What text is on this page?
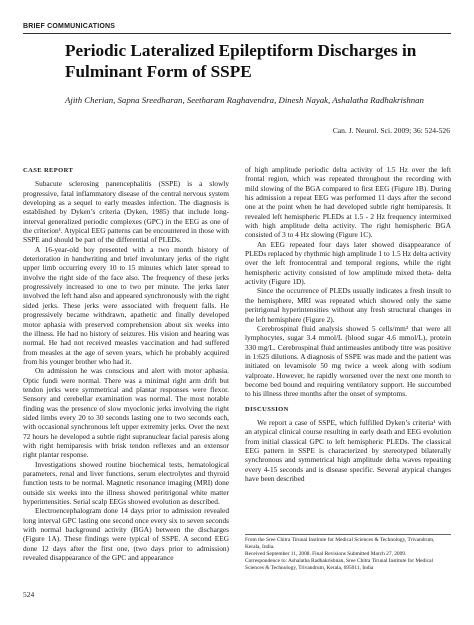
BRIEF COMMUNICATIONS
Periodic Lateralized Epileptiform Discharges in Fulminant Form of SSPE
Ajith Cherian, Sapna Sreedharan, Seetharam Raghavendra, Dinesh Nayak, Ashalatha Radhakrishnan
Can. J. Neurol. Sci. 2009; 36: 524-526

CASE REPORT

Subacute sclerosing panencephalitis (SSPE) is a slowly progressive, fatal inflammatory disease of the central nervous system developing as a sequel to early measles infection. The diagnosis is established by Dyken’s criteria (Dyken, 1985) that include long-interval generalized periodic complexes (GPC) in the EEG as one of the criterion¹. Atypical EEG patterns can be encountered in those with SSPE and should be part of the differential of PLEDs.

A 16-year-old boy presented with a two month history of deterioration in handwriting and brief involuntary jerks of the right upper limb occurring every 10 to 15 minutes which later spread to involve the right side of the face also. The frequency of these jerks progressively increased to one to two per minute. The jerks later involved the left hand also and appeared synchronously with the right sided jerks. These jerks were associated with frequent falls. He progressively became withdrawn, apathetic and finally developed motor aphasia with preserved comprehension about six weeks into the illness. He had no history of seizures. His vision and hearing was normal. He had not received measles vaccination and had suffered from measles at the age of seven years, which he probably acquired from his younger brother who had it.

On admission he was conscious and alert with motor aphasia. Optic fundi were normal. There was a minimal right arm drift but tendon jerks were symmetrical and plantar responses were flexor. Sensory and cerebellar examination was normal. The most notable finding was the presence of slow myoclonic jerks involving the right sided limbs every 20 to 30 seconds lasting one to two seconds each, with occasional synchronous left upper extremity jerks. Over the next 72 hours he developed a subtle right supranuclear facial paresis along with right hemiparesis with brisk tendon reflexes and an extensor right plantar response.

Investigations showed routine biochemical tests, hematological parameters, renal and liver functions, serum electrolytes and thyroid function tests to be normal. Magnetic resonance imaging (MRI) done outside six weeks into the illness showed peritrigonal white matter hyperintensities. Serial scalp EEGs showed evolution as described.

Electroencephalogram done 14 days prior to admission revealed long interval GPC lasting one second once every six to seven seconds with normal background activity (BGA) between the discharges (Figure 1A). These findings were typical of SSPE. A second EEG done 12 days after the first one, (two days prior to admission) revealed disappearance of the GPC and appearance

of high amplitude periodic delta activity of 1.5 Hz over the left frontal region, which was repeated throughout the recording with mild slowing of the BGA compared to first EEG (Figure 1B). During his admission a repeat EEG was performed 11 days after the second one at the point when he had developed subtle right hemiparesis. It revealed left hemispheric PLEDs at 1.5 - 2 Hz frequency intermixed with high amplitude delta activity. The right hemispheric BGA consisted of 3 to 4 Hz slowing (Figure 1C).

An EEG repeated four days later showed disappearance of PLEDs replaced by rhythmic high amplitude 1 to 1.5 Hz delta activity over the left frontocentral and temporal regions, while the right hemispheric activity consisted of low amplitude mixed theta- delta activity (Figure 1D).

Since the occurrence of PLEDs usually indicates a fresh insult to the hemisphere, MRI was repeated which showed only the same peritrigonal hyperintensities without any fresh structural changes in the left hemisphere (Figure 2).

Cerebrospinal fluid analysis showed 5 cells/mm³ that were all lymphocytes, sugar 3.4 mmol/L (blood sugar 4.6 mmol/L), protein 330 mg/L. Cerebrospinal fluid antimeasles antibody titre was positive in 1:625 dilutions. A diagnosis of SSPE was made and the patient was initiated on levamisole 50 mg twice a week along with sodium valproate. However, he rapidly worsened over the next one month to become bed bound and requiring ventilatory support. He succumbed to his illness three months after the onset of symptoms.

DISCUSSION

We report a case of SSPE, which fulfilled Dyken’s criteria¹ with an atypical clinical course resulting in early death and EEG evolution from initial classical GPC to left hemispheric PLEDs. The classical EEG pattern in SSPE is characterized by stereotyped bilaterally synchronous and symmetrical high amplitude delta waves repeating every 4-15 seconds and is disease specific. Several atypical changes have been described

From the Sree Chitra Tirunal Institute for Medical Sciences & Technology, Trivandrum, Kerala, India.

Received September 11, 2008. Final Revisions Submitted March 27, 2009.

Correspondence to: Ashalatha Radhakrishnan, Sree Chitra Tirunal Institute for Medical Sciences & Technology, Trivandrum, Kerala, 695011, India

524
